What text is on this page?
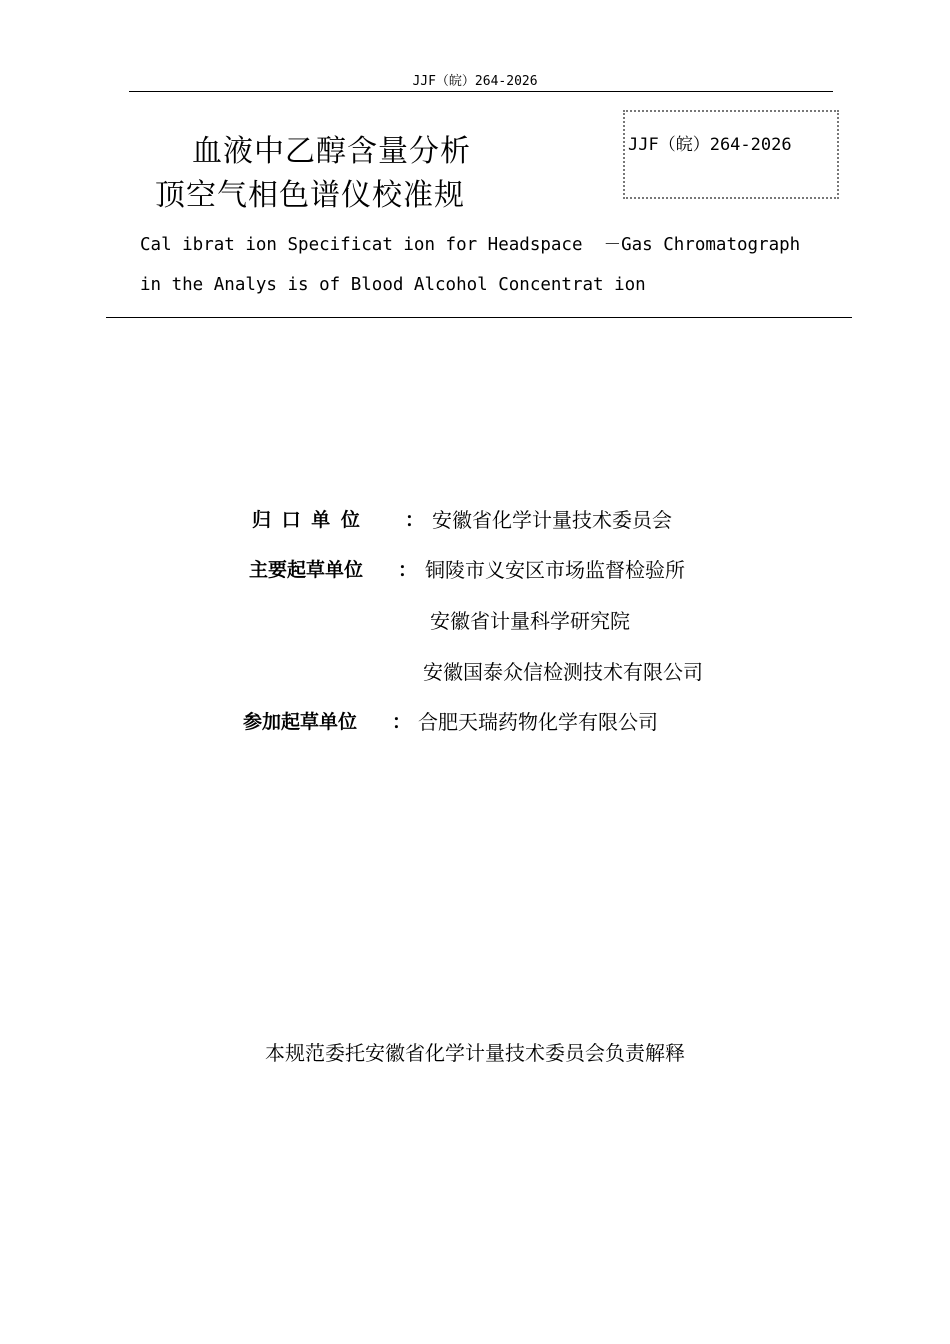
JJF（皖）264-2026
血液中乙醇含量分析
顶空气相色谱仪校准规
JJF（皖）264-2026
Cal ibrat ion Specificat ion for Headspace  －Gas Chromatograph
in the Analys is of Blood Alcohol Concentrat ion
归 口 单 位 ： 安徽省化学计量技术委员会
主要起草单位 ： 铜陵市义安区市场监督检验所
安徽省计量科学研究院
安徽国泰众信检测技术有限公司
参加起草单位 ： 合肥天瑞药物化学有限公司
本规范委托安徽省化学计量技术委员会负责解释
